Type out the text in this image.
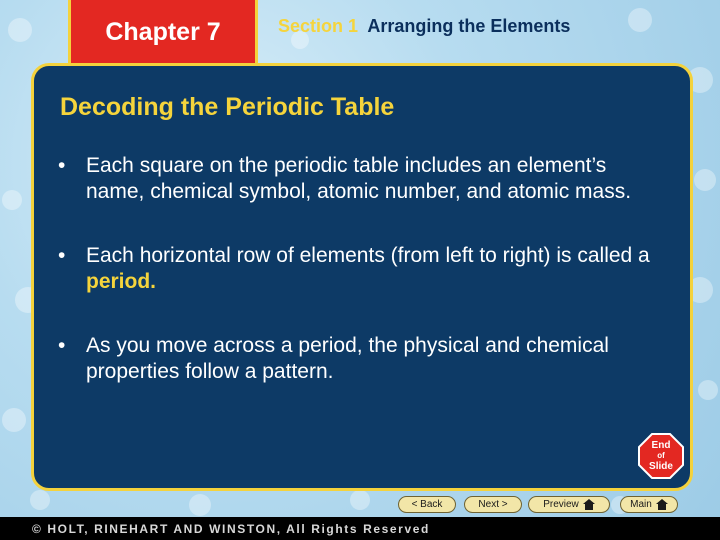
Chapter 7	Section 1 Arranging the Elements
Decoding the Periodic Table
• Each square on the periodic table includes an element’s name, chemical symbol, atomic number, and atomic mass.
• Each horizontal row of elements (from left to right) is called a period.
• As you move across a period, the physical and chemical properties follow a pattern.
End
of
Slide
< Back	Next >	Preview	Main
© HOLT, RINEHART AND WINSTON, All Rights Reserved
